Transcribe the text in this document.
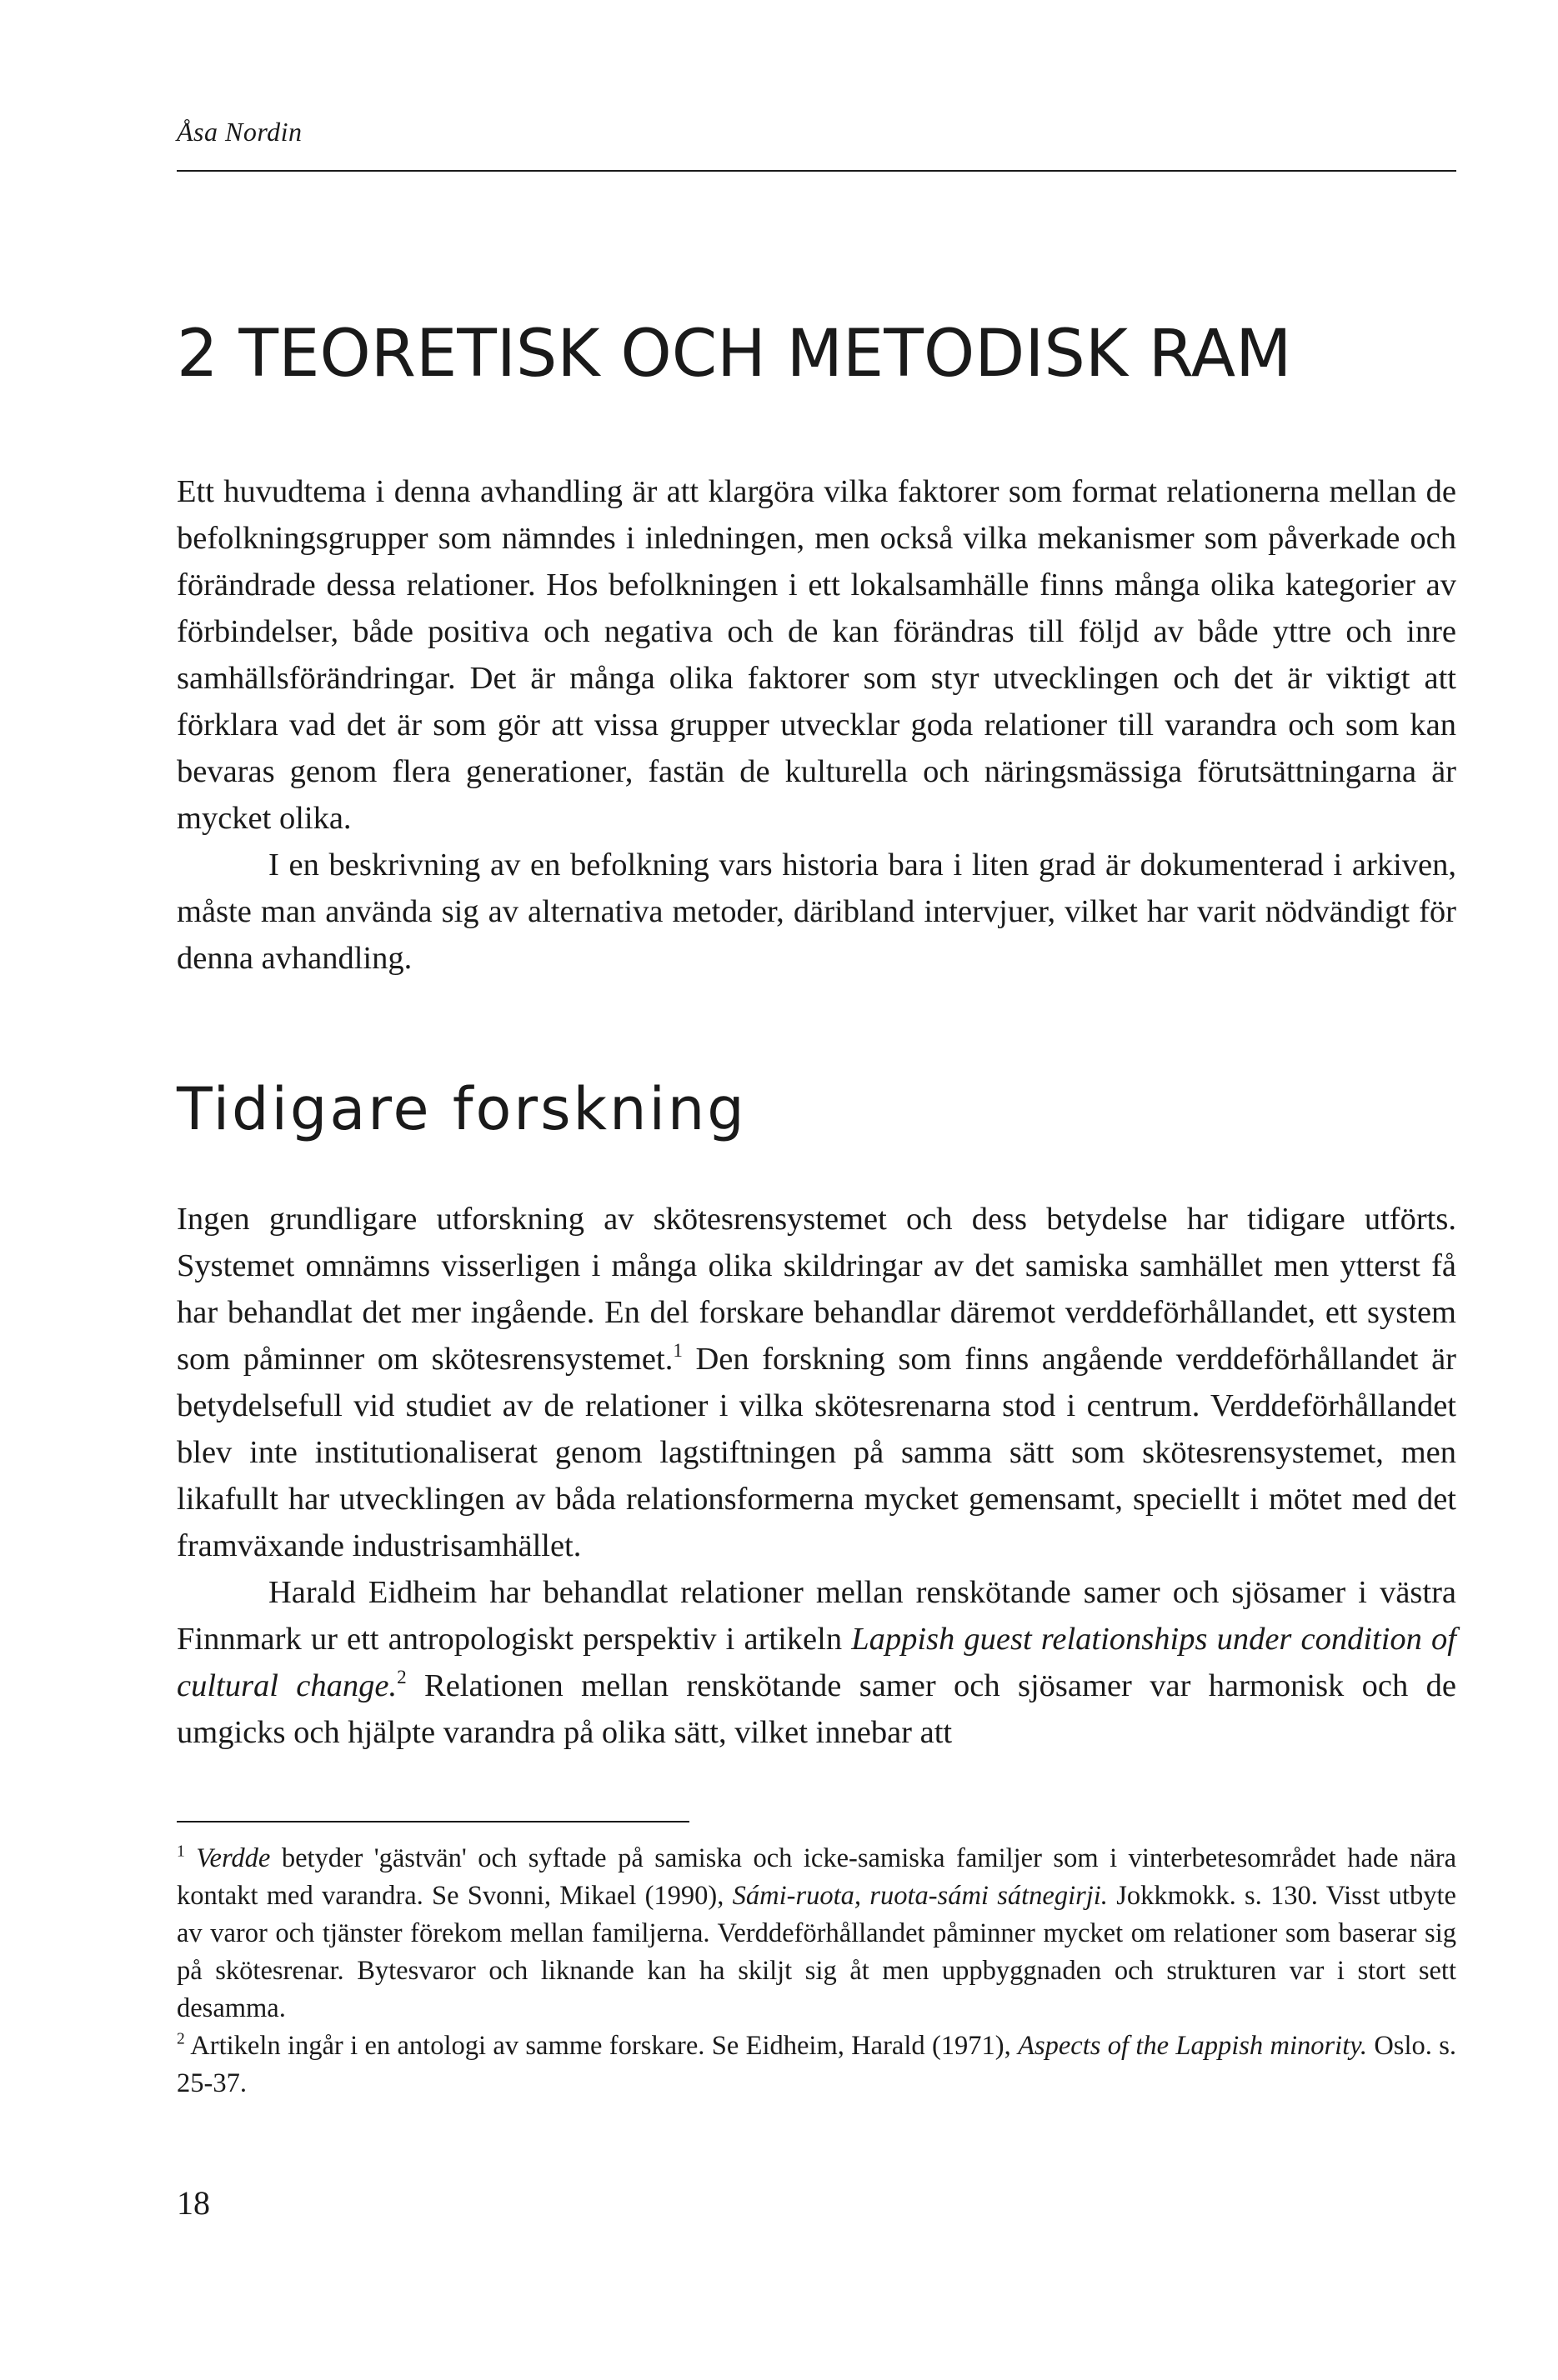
Åsa Nordin
2 TEORETISK OCH METODISK RAM

Ett huvudtema i denna avhandling är att klargöra vilka faktorer som format relationerna mellan de befolkningsgrupper som nämndes i inledningen, men också vilka mekanismer som påverkade och förändrade dessa relationer. Hos befolkningen i ett lokalsamhälle finns många olika kategorier av förbindelser, både positiva och negativa och de kan förändras till följd av både yttre och inre samhällsförändringar. Det är många olika faktorer som styr utvecklingen och det är viktigt att förklara vad det är som gör att vissa grupper utvecklar goda relationer till varandra och som kan bevaras genom flera generationer, fastän de kulturella och näringsmässiga förutsättningarna är mycket olika.

I en beskrivning av en befolkning vars historia bara i liten grad är dokumenterad i arkiven, måste man använda sig av alternativa metoder, däribland intervjuer, vilket har varit nödvändigt för denna avhandling.

Tidigare forskning

Ingen grundligare utforskning av skötesrensystemet och dess betydelse har tidigare utförts. Systemet omnämns visserligen i många olika skildringar av det samiska samhället men ytterst få har behandlat det mer ingående. En del forskare behandlar däremot verddeförhållandet, ett system som påminner om skötesrensystemet.$^1$ Den forskning som finns angående verddeförhållandet är betydelsefull vid studiet av de relationer i vilka skötesrenarna stod i centrum. Verddeförhållandet blev inte institutionaliserat genom lagstiftningen på samma sätt som skötesrensystemet, men likafullt har utvecklingen av båda relationsformerna mycket gemensamt, speciellt i mötet med det framväxande industrisamhället.

Harald Eidheim har behandlat relationer mellan renskötande samer och sjösamer i västra Finnmark ur ett antropologiskt perspektiv i artikeln Lappish guest relationships under condition of cultural change.$^2$ Relationen mellan renskötande samer och sjösamer var harmonisk och de umgicks och hjälpte varandra på olika sätt, vilket innebar att

$^1$ Verdde betyder 'gästvän' och syftade på samiska och icke-samiska familjer som i vinterbetesområdet hade nära kontakt med varandra. Se Svonni, Mikael (1990), Sámi-ruota, ruota-sámi sátnegirji. Jokkmokk. s. 130. Visst utbyte av varor och tjänster förekom mellan familjerna. Verddeförhållandet påminner mycket om relationer som baserar sig på skötesrenar. Bytesvaror och liknande kan ha skiljt sig åt men uppbyggnaden och strukturen var i stort sett desamma.

$^2$ Artikeln ingår i en antologi av samme forskare. Se Eidheim, Harald (1971), Aspects of the Lappish minority. Oslo. s. 25-37.

18
